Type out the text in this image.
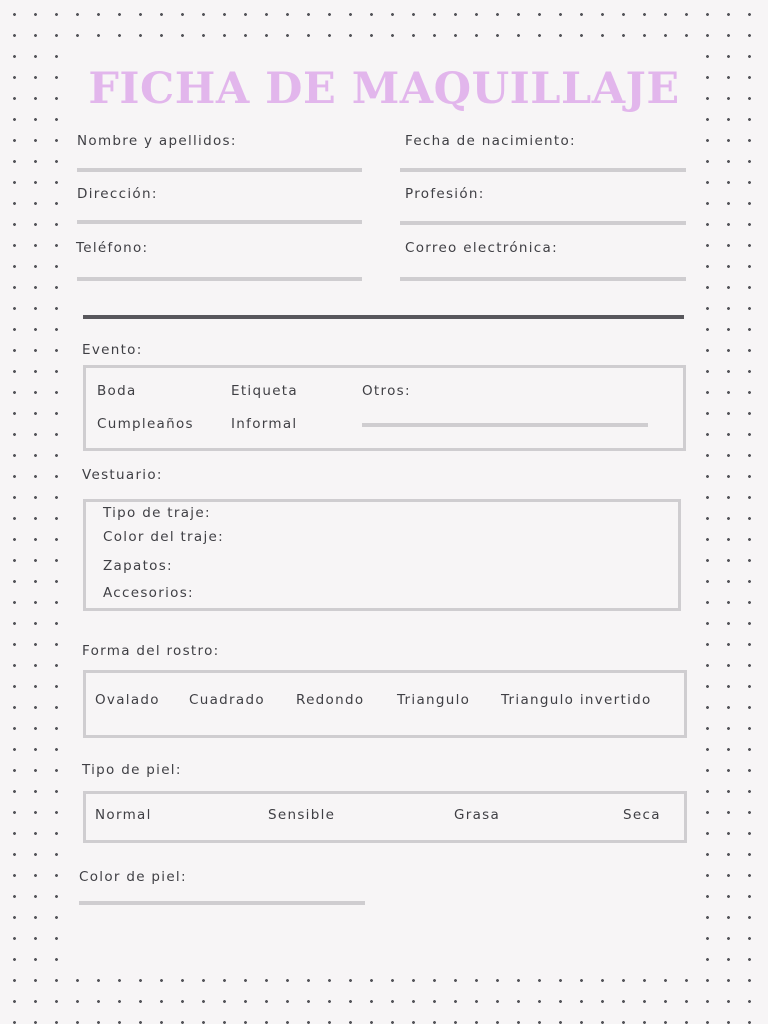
FICHA DE MAQUILLAJE
Nombre y apellidos:	Fecha de nacimiento:
Dirección:	Profesión:
Teléfono:	Correo electrónica:
Evento:
Boda	Etiqueta	Otros:
Cumpleaños	Informal
Vestuario:
Tipo de traje:
Color del traje:
Zapatos:
Accesorios:
Forma del rostro:
Ovalado Cuadrado Redondo Triangulo Triangulo invertido
Tipo de piel:
Normal	Sensible	Grasa	Seca
Color de piel:
